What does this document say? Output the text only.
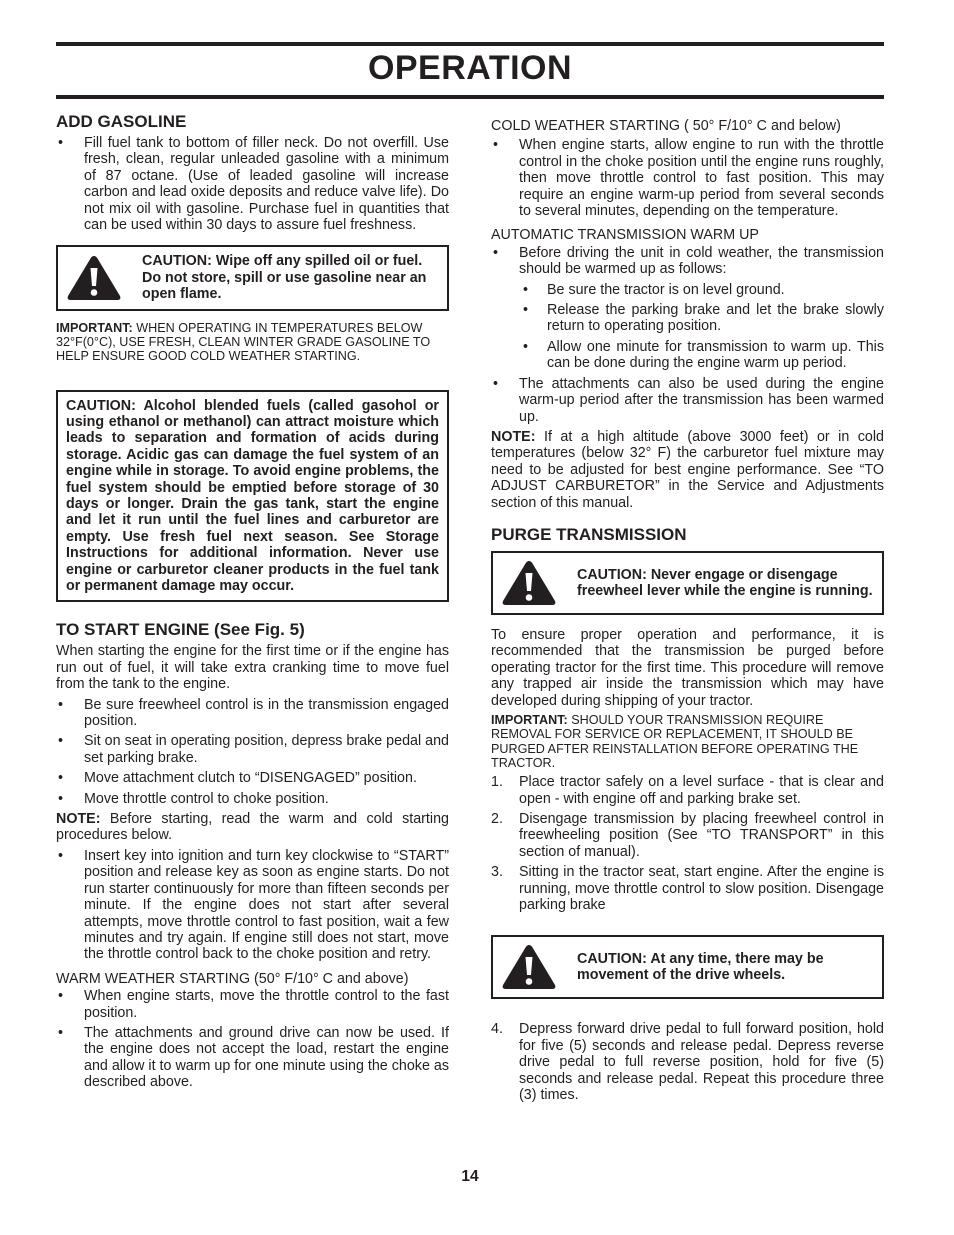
OPERATION
ADD GASOLINE
• Fill fuel tank to bottom of filler neck. Do not overfill. Use fresh, clean, regular unleaded gasoline with a minimum of 87 octane. (Use of leaded gasoline will increase carbon and lead oxide deposits and reduce valve life). Do not mix oil with gasoline. Purchase fuel in quantities that can be used within 30 days to assure fuel freshness.
CAUTION: Wipe off any spilled oil or fuel. Do not store, spill or use gasoline near an open flame.
IMPORTANT: WHEN OPERATING IN TEMPERATURES BELOW 32°F(0°C), USE FRESH, CLEAN WINTER GRADE GASOLINE TO HELP ENSURE GOOD COLD WEATHER STARTING.
CAUTION: Alcohol blended fuels (called gasohol or using ethanol or methanol) can attract moisture which leads to separation and formation of acids during storage. Acidic gas can damage the fuel system of an engine while in storage. To avoid engine problems, the fuel system should be emptied before storage of 30 days or longer. Drain the gas tank, start the engine and let it run until the fuel lines and carburetor are empty. Use fresh fuel next season. See Storage Instructions for additional information. Never use engine or carburetor cleaner products in the fuel tank or permanent damage may occur.
TO START ENGINE (See Fig. 5)

When starting the engine for the first time or if the engine has run out of fuel, it will take extra cranking time to move fuel from the tank to the engine.

• Be sure freewheel control is in the transmission engaged position.
• Sit on seat in operating position, depress brake pedal and set parking brake.
• Move attachment clutch to “DISENGAGED” position.
• Move throttle control to choke position.

NOTE: Before starting, read the warm and cold starting procedures below.

• Insert key into ignition and turn key clockwise to “START” position and release key as soon as engine starts. Do not run starter continuously for more than fifteen seconds per minute. If the engine does not start after several attempts, move throttle control to fast position, wait a few minutes and try again. If engine still does not start, move the throttle control back to the choke position and retry.

WARM WEATHER STARTING (50° F/10° C and above)

• When engine starts, move the throttle control to the fast position.
• The attachments and ground drive can now be used. If the engine does not accept the load, restart the engine and allow it to warm up for one minute using the choke as described above.

COLD WEATHER STARTING ( 50° F/10° C and below)

• When engine starts, allow engine to run with the throttle control in the choke position until the engine runs roughly, then move throttle control to fast position. This may require an engine warm-up period from several seconds to several minutes, depending on the temperature.

AUTOMATIC TRANSMISSION WARM UP

• Before driving the unit in cold weather, the transmission should be warmed up as follows:
• Be sure the tractor is on level ground.
• Release the parking brake and let the brake slowly return to operating position.
• Allow one minute for transmission to warm up. This can be done during the engine warm up period.
• The attachments can also be used during the engine warm-up period after the transmission has been warmed up.

NOTE: If at a high altitude (above 3000 feet) or in cold temperatures (below 32° F) the carburetor fuel mixture may need to be adjusted for best engine performance. See “TO ADJUST CARBURETOR” in the Service and Adjustments section of this manual.

PURGE TRANSMISSION
CAUTION: Never engage or disengage freewheel lever while the engine is running.

To ensure proper operation and performance, it is recommended that the transmission be purged before operating tractor for the first time. This procedure will remove any trapped air inside the transmission which may have developed during shipping of your tractor.

IMPORTANT: SHOULD YOUR TRANSMISSION REQUIRE REMOVAL FOR SERVICE OR REPLACEMENT, IT SHOULD BE PURGED AFTER REINSTALLATION BEFORE OPERATING THE TRACTOR.
1. Place tractor safely on a level surface - that is clear and open - with engine off and parking brake set.
2. Disengage transmission by placing freewheel control in freewheeling position (See “TO TRANSPORT” in this section of manual).
3. Sitting in the tractor seat, start engine. After the engine is running, move throttle control to slow position. Disengage parking brake
CAUTION: At any time, there may be movement of the drive wheels.
4. Depress forward drive pedal to full forward position, hold for five (5) seconds and release pedal. Depress reverse drive pedal to full reverse position, hold for five (5) seconds and release pedal. Repeat this procedure three (3) times.
14
